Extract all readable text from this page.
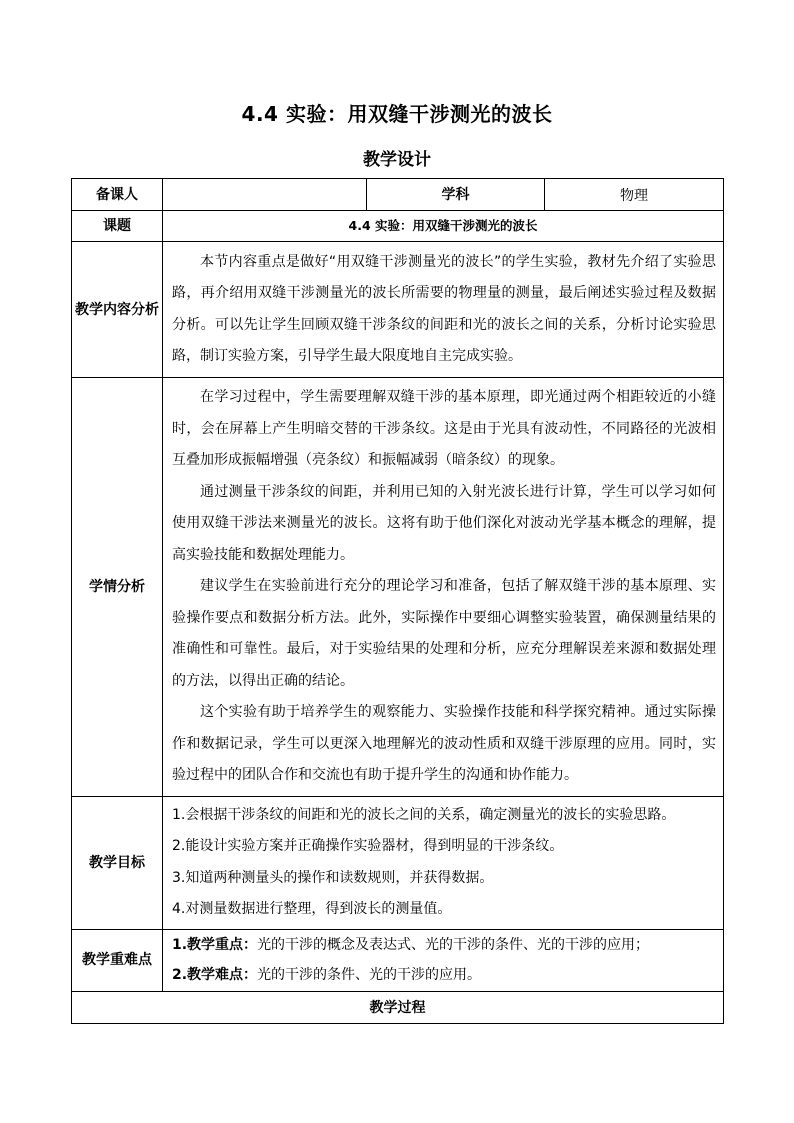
4.4 实验：用双缝干涉测光的波长
教学设计
备课人		学科	物理
课题	4.4 实验：用双缝干涉测光的波长		
教学内容分析	本节内容重点是做好“用双缝干涉测量光的波长”的学生实验，教材先介绍了实验思路，再介绍用双缝干涉测量光的波长所需要的物理量的测量，最后阐述实验过程及数据分析。可以先让学生回顾双缝干涉条纹的间距和光的波长之间的关系，分析讨论实验思路，制订实验方案，引导学生最大限度地自主完成实验。		

学情分析	在学习过程中，学生需要理解双缝干涉的基本原理，即光通过两个相距较近的小缝时，会在屏幕上产生明暗交替的干涉条纹。这是由于光具有波动性，不同路径的光波相互叠加形成振幅增强（亮条纹）和振幅减弱（暗条纹）的现象。

通过测量干涉条纹的间距，并利用已知的入射光波长进行计算，学生可以学习如何使用双缝干涉法来测量光的波长。这将有助于他们深化对波动光学基本概念的理解，提高实验技能和数据处理能力。

建议学生在实验前进行充分的理论学习和准备，包括了解双缝干涉的基本原理、实验操作要点和数据分析方法。此外，实际操作中要细心调整实验装置，确保测量结果的准确性和可靠性。最后，对于实验结果的处理和分析，应充分理解误差来源和数据处理的方法，以得出正确的结论。

这个实验有助于培养学生的观察能力、实验操作技能和科学探究精神。通过实际操作和数据记录，学生可以更深入地理解光的波动性质和双缝干涉原理的应用。同时，实验过程中的团队合作和交流也有助于提升学生的沟通和协作能力。		

教学目标	1.会根据干涉条纹的间距和光的波长之间的关系，确定测量光的波长的实验思路。

2.能设计实验方案并正确操作实验器材，得到明显的干涉条纹。

3.知道两种测量头的操作和读数规则，并获得数据。

4.对测量数据进行整理，得到波长的测量值。		

教学重难点	1.教学重点：光的干涉的概念及表达式、光的干涉的条件、光的干涉的应用；

2.教学难点：光的干涉的条件、光的干涉的应用。		

教学过程			
